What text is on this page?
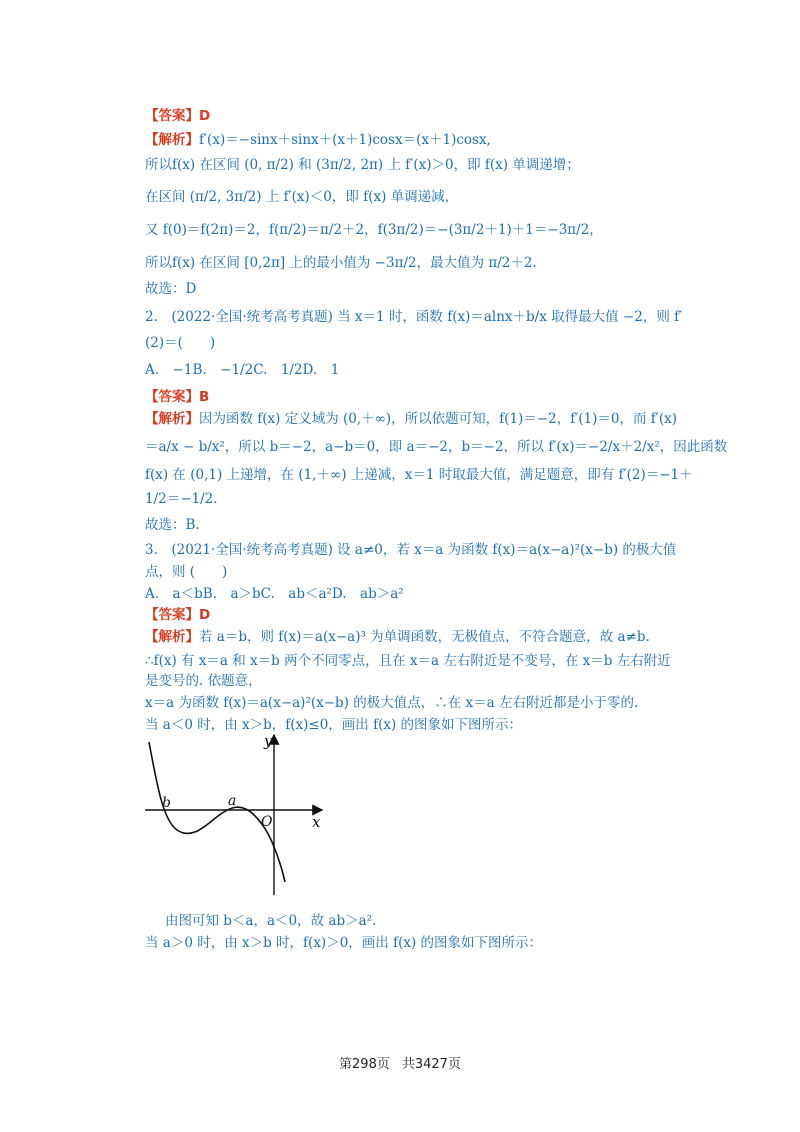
【答案】D
【解析】f′(x)＝−sinx＋sinx＋(x＋1)cosx＝(x＋1)cosx,
所以f(x) 在区间 (0, π/2) 和 (3π/2, 2π) 上 f′(x)＞0，即 f(x) 单调递增；
在区间 (π/2, 3π/2) 上 f′(x)＜0，即 f(x) 单调递减，
又 f(0)＝f(2π)＝2，f(π/2)＝π/2＋2，f(3π/2)＝−(3π/2＋1)＋1＝−3π/2，
所以f(x) 在区间 [0,2π] 上的最小值为 −3π/2，最大值为 π/2＋2.
故选：D
2.　(2022·全国·统考高考真题) 当 x＝1 时，函数 f(x)＝alnx＋b/x 取得最大值 −2，则 f′
(2)＝(　　)
A.　−1B.　−1/2C.　1/2D.　1
【答案】B
【解析】因为函数 f(x) 定义域为 (0,＋∞)，所以依题可知，f(1)＝−2，f′(1)＝0，而 f′(x)
＝a/x − b/x²，所以 b＝−2，a−b＝0，即 a＝−2，b＝−2，所以 f′(x)＝−2/x＋2/x²，因此函数
f(x) 在 (0,1) 上递增，在 (1,＋∞) 上递减，x＝1 时取最大值，满足题意，即有 f′(2)＝−1＋
1/2＝−1/2.
故选：B.
3.　(2021·全国·统考高考真题) 设 a≠0，若 x＝a 为函数 f(x)＝a(x−a)²(x−b) 的极大值
点，则 (　　)
A.　a＜bB.　a＞bC.　ab＜a²D.　ab＞a²
【答案】D
【解析】若 a＝b，则 f(x)＝a(x−a)³ 为单调函数，无极值点，不符合题意，故 a≠b.
∴f(x) 有 x＝a 和 x＝b 两个不同零点，且在 x＝a 左右附近是不变号，在 x＝b 左右附近
是变号的. 依题意，
x＝a 为函数 f(x)＝a(x−a)²(x−b) 的极大值点，∴在 x＝a 左右附近都是小于零的.
当 a＜0 时，由 x＞b，f(x)≤0，画出 f(x) 的图象如下图所示：
y
x
O
b	a
由图可知 b＜a，a＜0，故 ab＞a².
当 a＞0 时，由 x＞b 时，f(x)＞0，画出 f(x) 的图象如下图所示：
第298页 共3427页
